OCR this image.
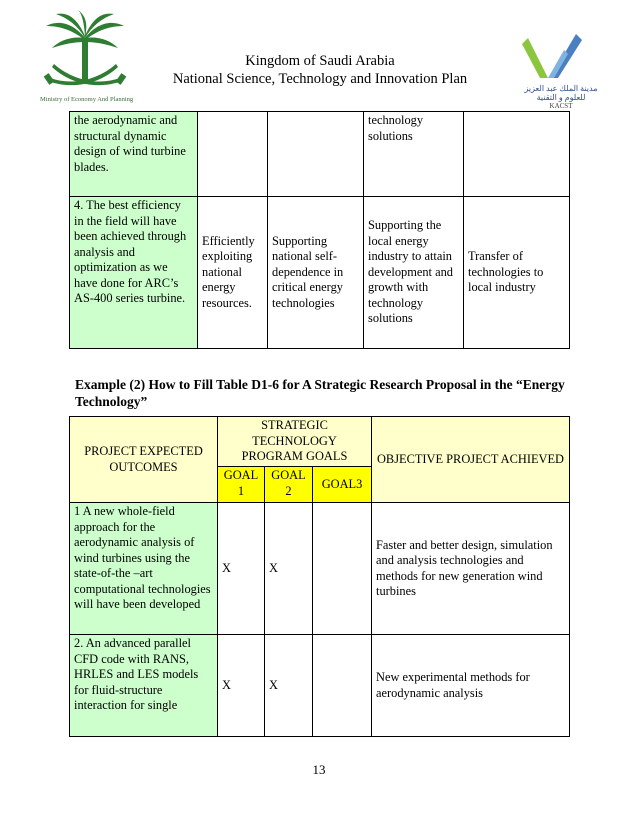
Ministry of Economy And Planning
Kingdom of Saudi Arabia
National Science, Technology and Innovation Plan
مدينة الملك عبد العزيز
للعلوم و التقنية
KACST
the aerodynamic and structural dynamic design of wind turbine blades.			technology solutions	
4. The best efficiency in the field will have been achieved through analysis and optimization as we have done for ARC’s AS-400 series turbine.	Efficiently exploiting national energy resources.	Supporting national self-dependence in critical energy technologies	Supporting the local energy industry to attain development and growth with technology solutions	Transfer of technologies to local industry
Example (2) How to Fill Table D1-6 for A Strategic Research Proposal in the “Energy Technology”
PROJECT EXPECTED OUTCOMES	STRATEGIC TECHNOLOGY PROGRAM GOALS			OBJECTIVE PROJECT ACHIEVED
	GOAL 1	GOAL 2	GOAL3	
1 A new whole-field approach for the aerodynamic analysis of wind turbines using the state-of-the –art computational technologies will have been developed	X	X		Faster and better design, simulation and analysis technologies and methods for new generation wind turbines
2. An advanced parallel CFD code with RANS, HRLES and LES models for fluid-structure interaction for single	X	X		New experimental methods for aerodynamic analysis
13
